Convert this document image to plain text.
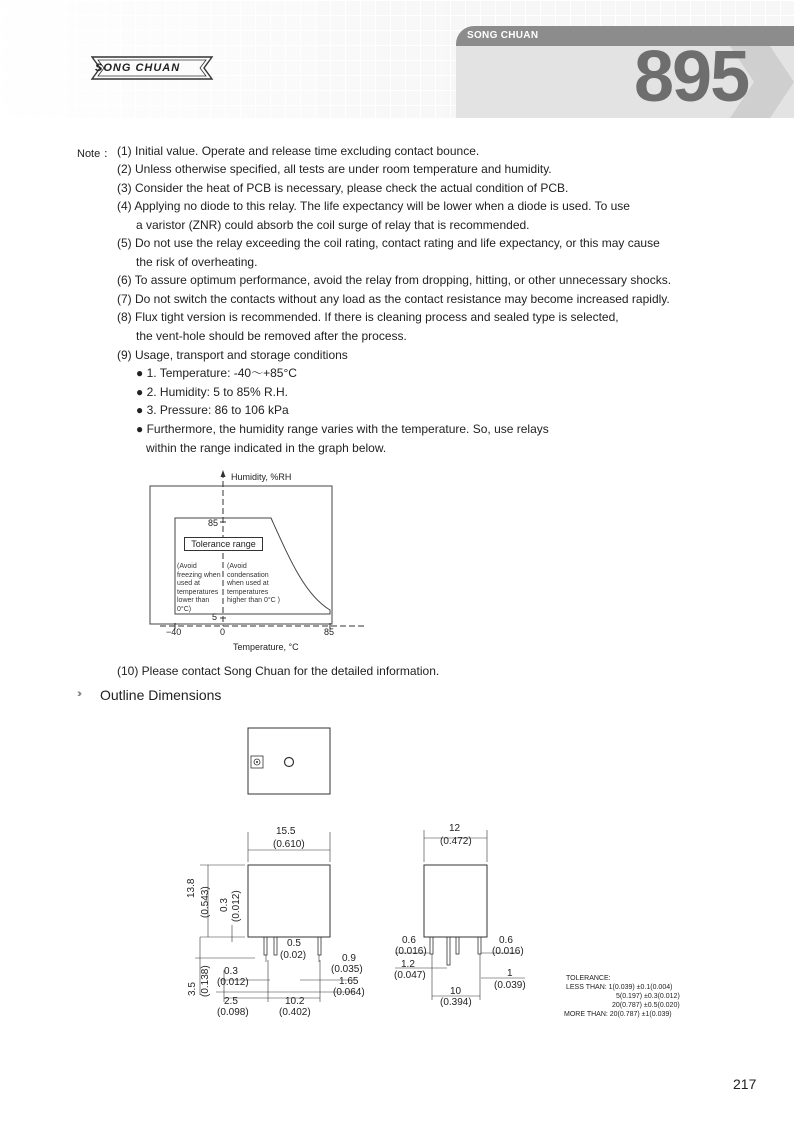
SONG CHUAN
SONG CHUAN
895
Note ： (1) Initial value. Operate and release time excluding contact bounce.
(2) Unless otherwise specified, all tests are under room temperature and humidity.
(3) Consider the heat of PCB is necessary, please check the actual condition of PCB.
(4) Applying no diode to this relay. The life expectancy will be lower when a diode is used. To use
a varistor (ZNR) could absorb the coil surge of relay that is recommended.
(5) Do not use the relay exceeding the coil rating, contact rating and life expectancy, or this may cause
the risk of overheating.
(6) To assure optimum performance, avoid the relay from dropping, hitting, or other unnecessary shocks.
(7) Do not switch the contacts without any load as the contact resistance may become increased rapidly.
(8) Flux tight version is recommended. If there is cleaning process and sealed type is selected,
the vent-hole should be removed after the process.
(9) Usage, transport and storage conditions
● 1. Temperature: -40～+85°C
● 2. Humidity: 5 to 85% R.H.
● 3. Pressure: 86 to 106 kPa
● Furthermore, the humidity range varies with the temperature. So, use relays
within the range indicated in the graph below.
Humidity, %RH
85
5
−40	0	85
Temperature, °C
Tolerance range
(Avoid
freezing when
used at
temperatures
lower than
0°C)
(Avoid
condensation
when used at
temperatures
higher than 0°C )
(10) Please contact Song Chuan for the detailed information.
››› Outline Dimensions
15.5
(0.610)
13.8 (0.543) 0.3 (0.012)
0.5
(0.02)	0.9
(0.035)
1.65
(0.064)
3.5 (0.138) 0.3
(0.012)
2.5
(0.098)
10.2
(0.402)
12
(0.472)
0.6
(0.016)
0.6
(0.016)
1.2
(0.047)	1
(0.039)
10
(0.394)
TOLERANCE:
LESS THAN: 1(0.039) ±0.1(0.004)
5(0.197) ±0.3(0.012)
20(0.787) ±0.5(0.020)
MORE THAN: 20(0.787) ±1(0.039)
217
